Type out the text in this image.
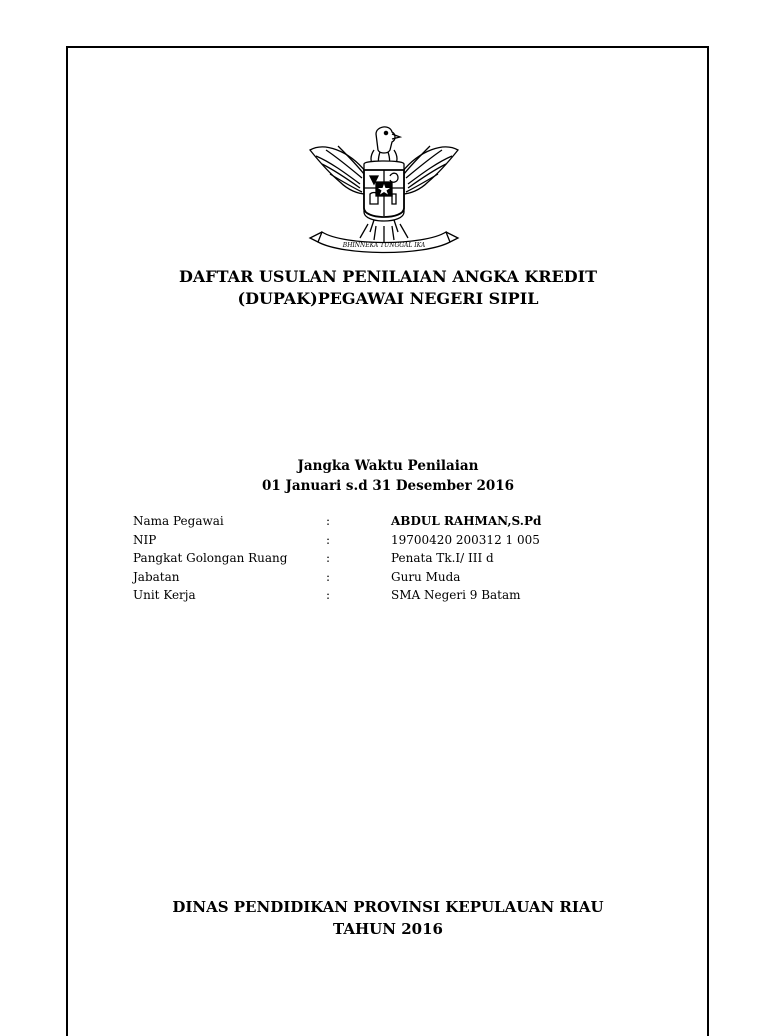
BHINNEKA TUNGGAL IKA
DAFTAR USULAN PENILAIAN ANGKA KREDIT
(DUPAK)PEGAWAI NEGERI SIPIL
Jangka Waktu Penilaian
01 Januari s.d 31 Desember 2016
Nama Pegawai	:	ABDUL RAHMAN,S.Pd
NIP	:	19700420 200312 1 005
Pangkat Golongan Ruang	:	Penata Tk.I/ III d
Jabatan	:	Guru Muda
Unit Kerja	:	SMA Negeri 9 Batam
DINAS PENDIDIKAN PROVINSI KEPULAUAN RIAU
TAHUN 2016
